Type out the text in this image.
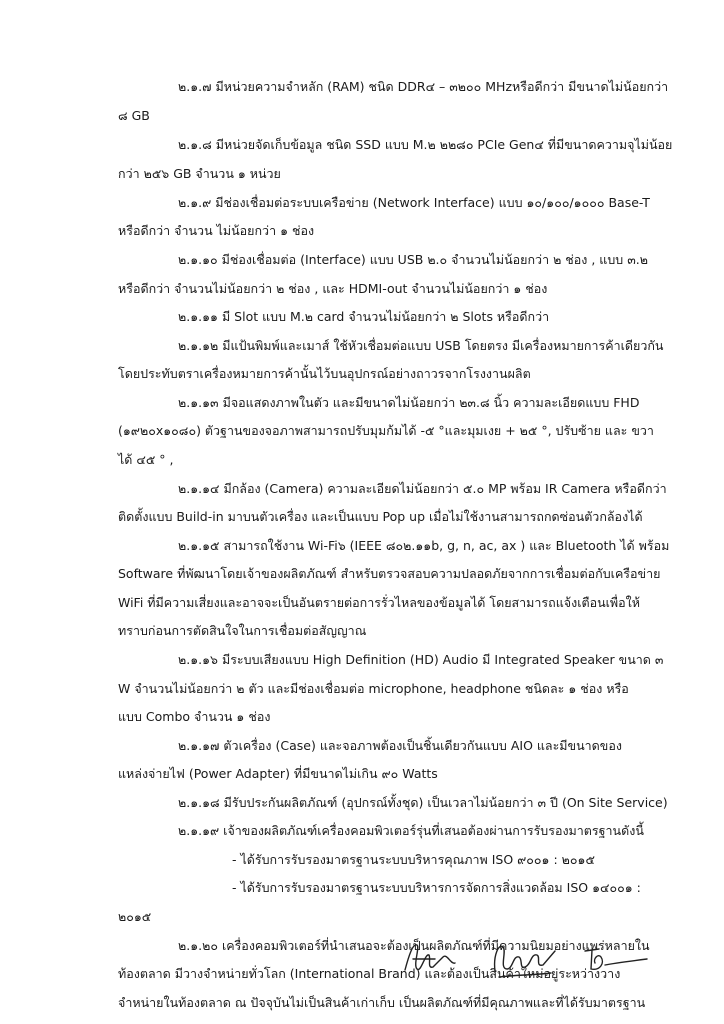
๒.๑.๗ มีหน่วยความจำหลัก (RAM) ชนิด DDR๔ – ๓๒๐๐ MHzหรือดีกว่า มีขนาดไม่น้อยกว่า
๘ GB
๒.๑.๘ มีหน่วยจัดเก็บข้อมูล ชนิด SSD แบบ M.๒ ๒๒๘๐ PCIe Gen๔ ที่มีขนาดความจุไม่น้อย
กว่า ๒๕๖ GB จำนวน ๑ หน่วย
๒.๑.๙ มีช่องเชื่อมต่อระบบเครือข่าย (Network Interface) แบบ ๑๐/๑๐๐/๑๐๐๐ Base-T
หรือดีกว่า จำนวน ไม่น้อยกว่า ๑ ช่อง
๒.๑.๑๐ มีช่องเชื่อมต่อ (Interface) แบบ USB ๒.๐ จำนวนไม่น้อยกว่า ๒ ช่อง , แบบ ๓.๒
หรือดีกว่า จำนวนไม่น้อยกว่า ๒ ช่อง , และ HDMI-out จำนวนไม่น้อยกว่า ๑ ช่อง
๒.๑.๑๑ มี Slot แบบ M.๒ card จำนวนไม่น้อยกว่า ๒ Slots หรือดีกว่า
๒.๑.๑๒ มีแป้นพิมพ์และเมาส์ ใช้หัวเชื่อมต่อแบบ USB โดยตรง มีเครื่องหมายการค้าเดียวกัน
โดยประทับตราเครื่องหมายการค้านั้นไว้บนอุปกรณ์อย่างถาวรจากโรงงานผลิต
๒.๑.๑๓ มีจอแสดงภาพในตัว และมีขนาดไม่น้อยกว่า ๒๓.๘ นิ้ว ความละเอียดแบบ FHD
(๑๙๒๐x๑๐๘๐) ตัวฐานของจอภาพสามารถปรับมุมก้มได้ -๕ °และมุมเงย + ๒๕ °, ปรับซ้าย และ ขวา
ได้ ๔๕ ° ,
๒.๑.๑๔ มีกล้อง (Camera) ความละเอียดไม่น้อยกว่า ๕.๐ MP พร้อม IR Camera หรือดีกว่า
ติดตั้งแบบ Build-in มาบนตัวเครื่อง และเป็นแบบ Pop up เมื่อไม่ใช้งานสามารถกดซ่อนตัวกล้องได้
๒.๑.๑๕ สามารถใช้งาน Wi-Fi๖ (IEEE ๘๐๒.๑๑b, g, n, ac, ax ) และ Bluetooth ได้ พร้อม
Software ที่พัฒนาโดยเจ้าของผลิตภัณฑ์ สำหรับตรวจสอบความปลอดภัยจากการเชื่อมต่อกับเครือข่าย
WiFi ที่มีความเสี่ยงและอาจจะเป็นอันตรายต่อการรั่วไหลของข้อมูลได้ โดยสามารถแจ้งเตือนเพื่อให้
ทราบก่อนการตัดสินใจในการเชื่อมต่อสัญญาณ
๒.๑.๑๖ มีระบบเสียงแบบ High Definition (HD) Audio มี Integrated Speaker ขนาด ๓
W จำนวนไม่น้อยกว่า ๒ ตัว และมีช่องเชื่อมต่อ microphone, headphone ชนิดละ ๑ ช่อง หรือ
แบบ Combo จำนวน ๑ ช่อง
๒.๑.๑๗ ตัวเครื่อง (Case) และจอภาพต้องเป็นชิ้นเดียวกันแบบ AIO และมีขนาดของ
แหล่งจ่ายไฟ (Power Adapter) ที่มีขนาดไม่เกิน ๙๐ Watts
๒.๑.๑๘ มีรับประกันผลิตภัณฑ์ (อุปกรณ์ทั้งชุด) เป็นเวลาไม่น้อยกว่า ๓ ปี (On Site Service)
๒.๑.๑๙ เจ้าของผลิตภัณฑ์เครื่องคอมพิวเตอร์รุ่นที่เสนอต้องผ่านการรับรองมาตรฐานดังนี้
- ได้รับการรับรองมาตรฐานระบบบริหารคุณภาพ ISO ๙๐๐๑ : ๒๐๑๕
- ได้รับการรับรองมาตรฐานระบบบริหารการจัดการสิ่งแวดล้อม ISO ๑๔๐๐๑ :
๒๐๑๕
๒.๑.๒๐ เครื่องคอมพิวเตอร์ที่นำเสนอจะต้องเป็นผลิตภัณฑ์ที่มีความนิยมอย่างแพร่หลายใน
ท้องตลาด มีวางจำหน่ายทั่วโลก (International Brand) และต้องเป็นสินค้าใหม่อยู่ระหว่างวาง
จำหน่ายในท้องตลาด ณ ปัจจุบันไม่เป็นสินค้าเก่าเก็บ เป็นผลิตภัณฑ์ที่มีคุณภาพและที่ได้รับมาตรฐาน
